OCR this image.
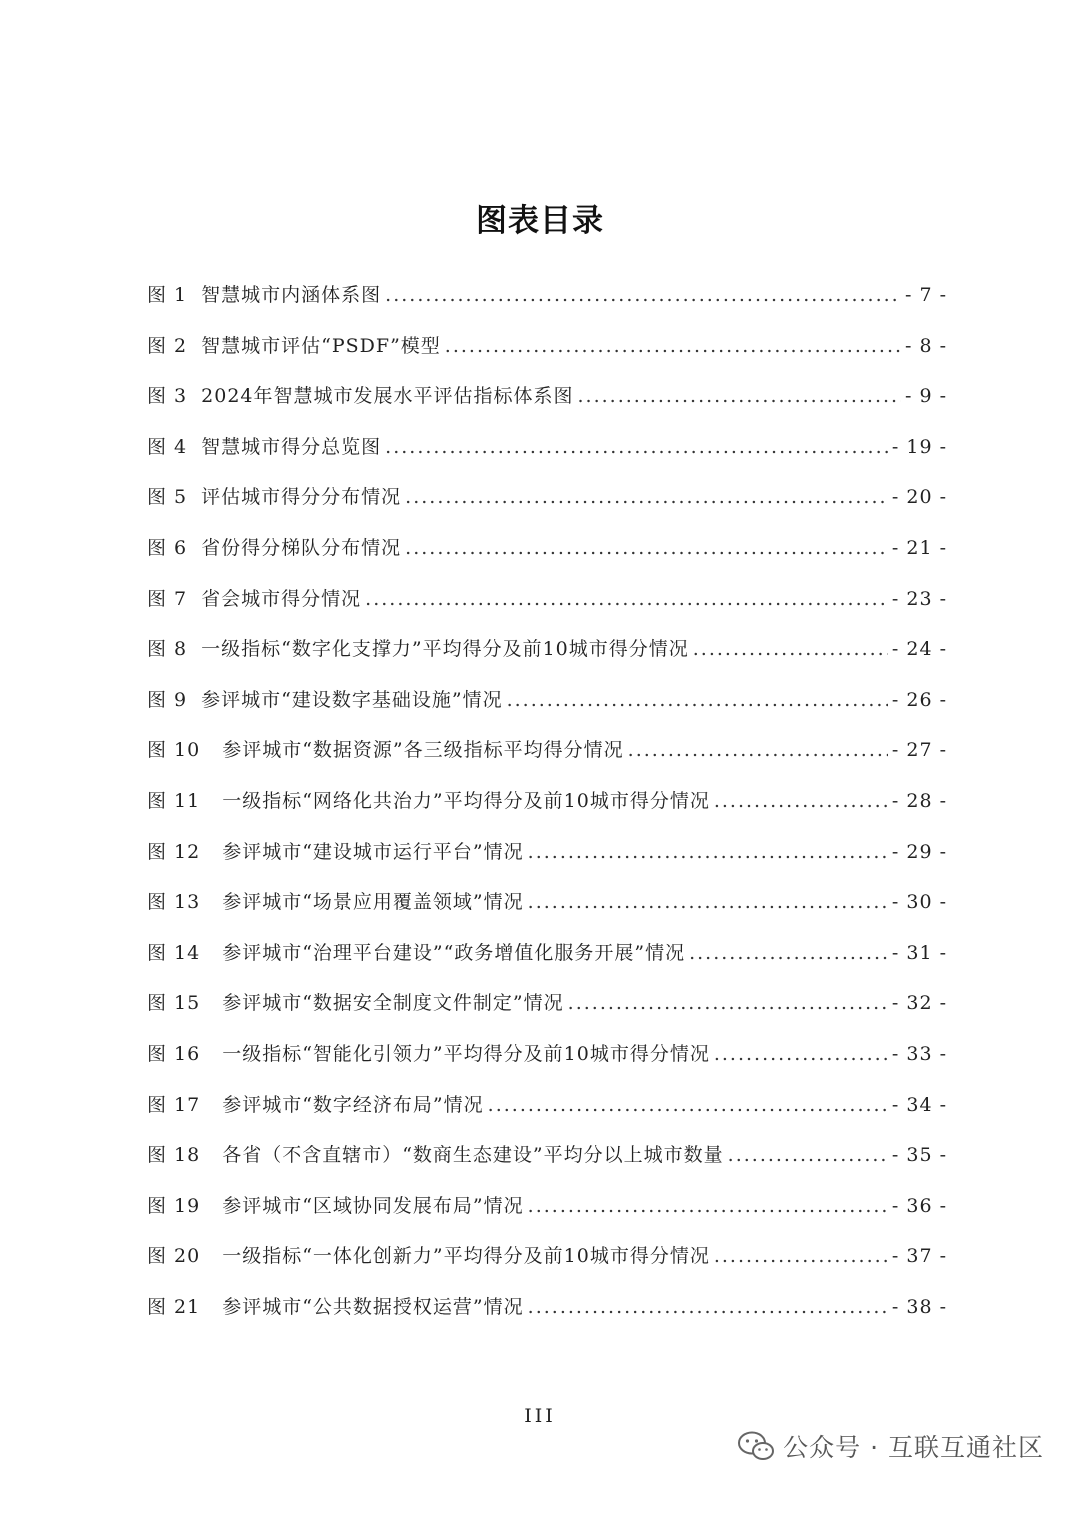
图表目录
图 1 智慧城市内涵体系图 .....	- 7 -
图 2 智慧城市评估“PSDF”模型 .....	- 8 -
图 3 2024年智慧城市发展水平评估指标体系图 .....	- 9 -
图 4 智慧城市得分总览图 .....	- 19 -
图 5 评估城市得分分布情况 .....	- 20 -
图 6 省份得分梯队分布情况 .....	- 21 -
图 7 省会城市得分情况 .....	- 23 -
图 8 一级指标“数字化支撑力”平均得分及前10城市得分情况 .....	- 24 -
图 9 参评城市“建设数字基础设施”情况 .....	- 26 -
图 10	参评城市“数据资源”各三级指标平均得分情况 .....	- 27 -
图 11	一级指标“网络化共治力”平均得分及前10城市得分情况 .....	- 28 -
图 12	参评城市“建设城市运行平台”情况 .....	- 29 -
图 13	参评城市“场景应用覆盖领域”情况 .....	- 30 -
图 14	参评城市“治理平台建设”“政务增值化服务开展”情况 .....	- 31 -
图 15	参评城市“数据安全制度文件制定”情况 .....	- 32 -
图 16	一级指标“智能化引领力”平均得分及前10城市得分情况 .....	- 33 -
图 17	参评城市“数字经济布局”情况 .....	- 34 -
图 18	各省（不含直辖市）“数商生态建设”平均分以上城市数量 .....	- 35 -
图 19	参评城市“区域协同发展布局”情况 .....	- 36 -
图 20	一级指标“一体化创新力”平均得分及前10城市得分情况 .....	- 37 -
图 21	参评城市“公共数据授权运营”情况 .....	- 38 -
III
公众号 · 互联互通社区
